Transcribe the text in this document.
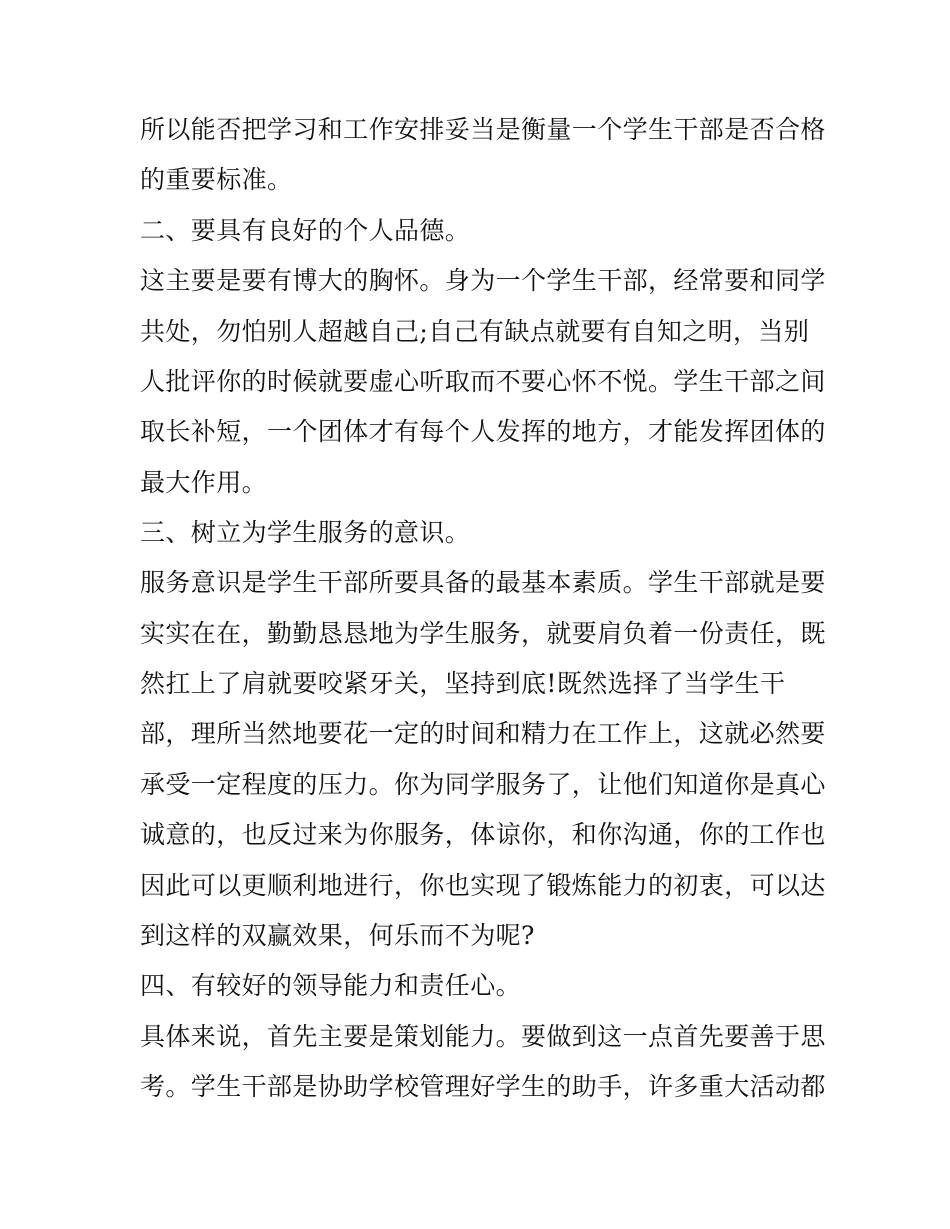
所以能否把学习和工作安排妥当是衡量一个学生干部是否合格
的重要标准。
二、要具有良好的个人品德。
这主要是要有博大的胸怀。身为一个学生干部，经常要和同学
共处，勿怕别人超越自己;自己有缺点就要有自知之明，当别
人批评你的时候就要虚心听取而不要心怀不悦。学生干部之间
取长补短，一个团体才有每个人发挥的地方，才能发挥团体的
最大作用。
三、树立为学生服务的意识。
服务意识是学生干部所要具备的最基本素质。学生干部就是要
实实在在，勤勤恳恳地为学生服务，就要肩负着一份责任，既
然扛上了肩就要咬紧牙关，坚持到底!既然选择了当学生干
部，理所当然地要花一定的时间和精力在工作上，这就必然要
承受一定程度的压力。你为同学服务了，让他们知道你是真心
诚意的，也反过来为你服务，体谅你，和你沟通，你的工作也
因此可以更顺利地进行，你也实现了锻炼能力的初衷，可以达
到这样的双赢效果，何乐而不为呢?
四、有较好的领导能力和责任心。
具体来说，首先主要是策划能力。要做到这一点首先要善于思
考。学生干部是协助学校管理好学生的助手，许多重大活动都
